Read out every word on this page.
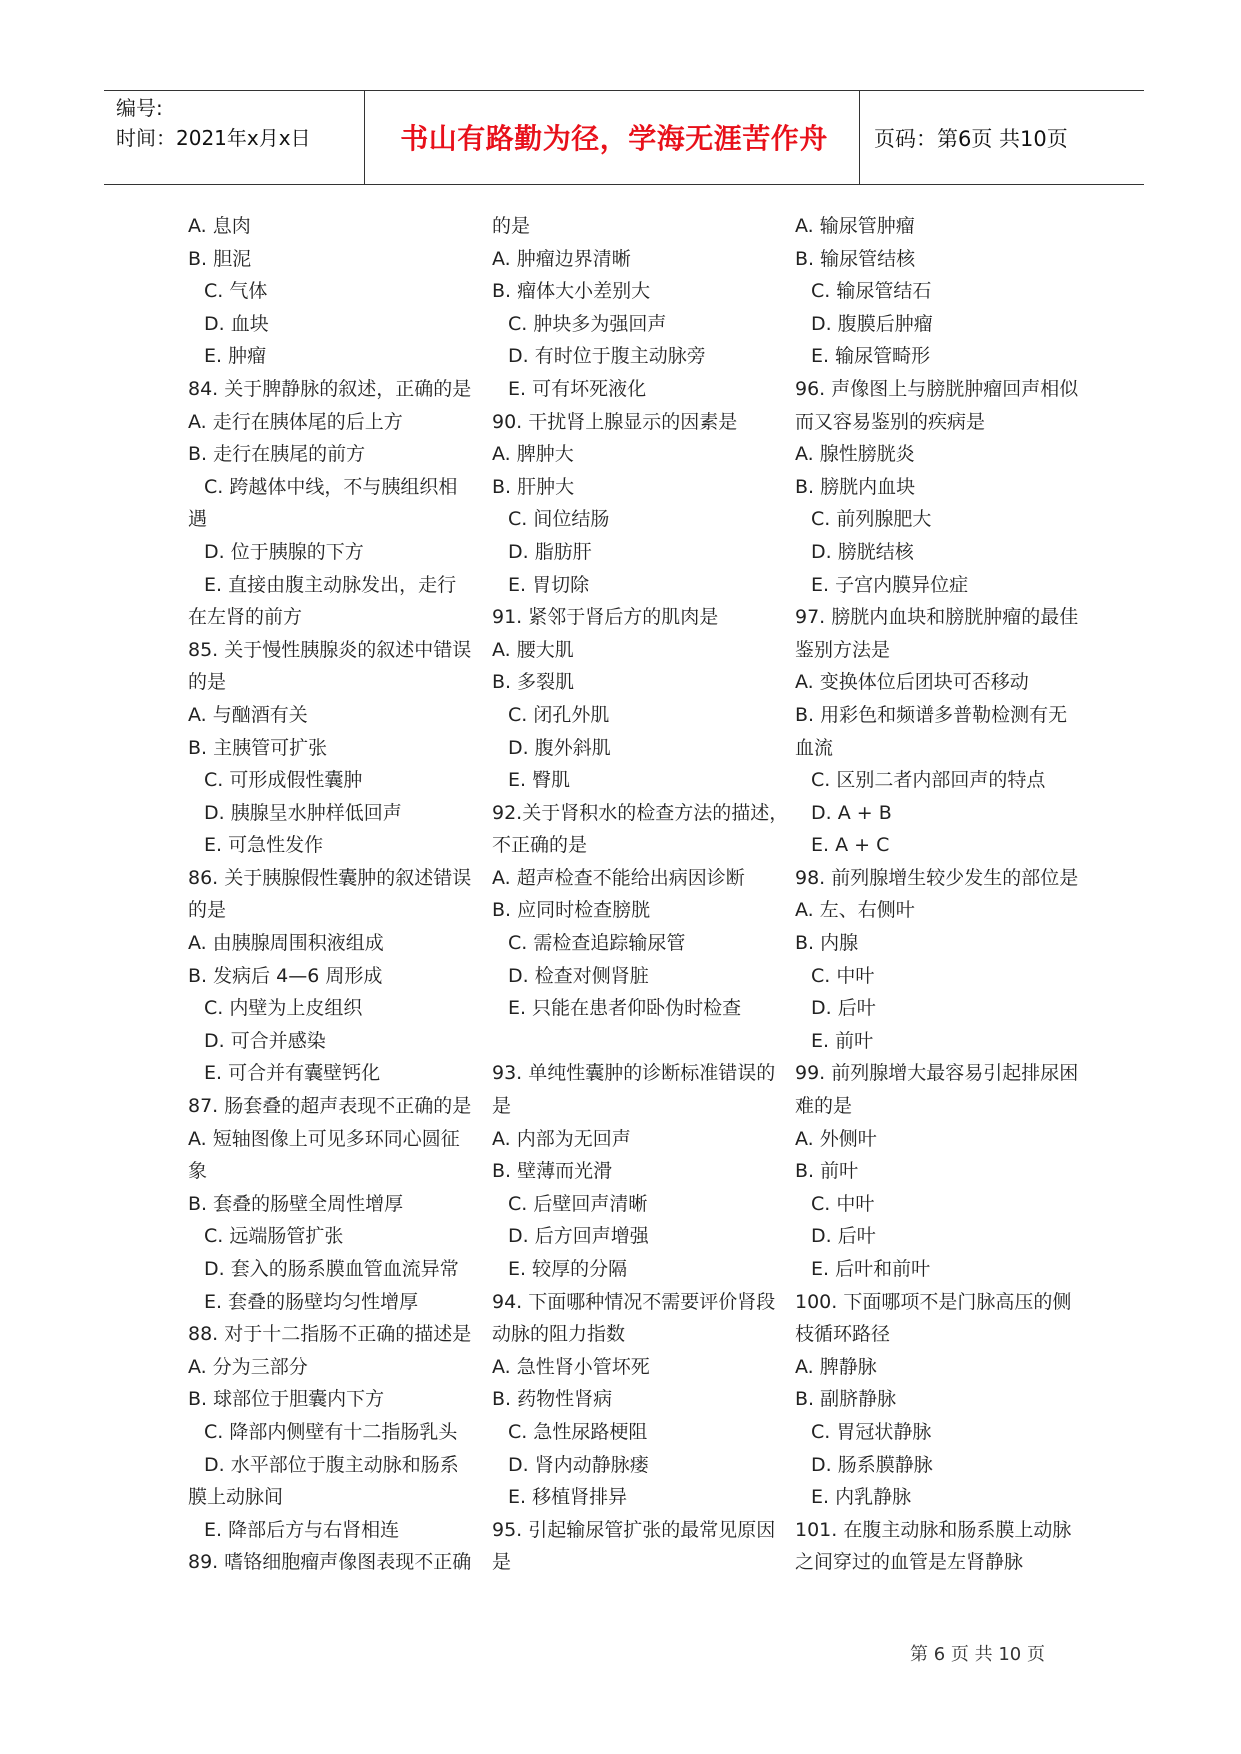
编号:
时间：2021年x月x日	书山有路勤为径，学海无涯苦作舟	页码：第6页 共10页
A. 息肉
B. 胆泥
C. 气体
D. 血块
E. 肿瘤
84. 关于脾静脉的叙述，正确的是
A. 走行在胰体尾的后上方
B. 走行在胰尾的前方
C. 跨越体中线，不与胰组织相
遇
D. 位于胰腺的下方
E. 直接由腹主动脉发出，走行
在左肾的前方
85. 关于慢性胰腺炎的叙述中错误
的是
A. 与酗酒有关
B. 主胰管可扩张
C. 可形成假性囊肿
D. 胰腺呈水肿样低回声
E. 可急性发作
86. 关于胰腺假性囊肿的叙述错误
的是
A. 由胰腺周围积液组成
B. 发病后 4—6 周形成
C. 内壁为上皮组织
D. 可合并感染
E. 可合并有囊壁钙化
87. 肠套叠的超声表现不正确的是
A. 短轴图像上可见多环同心圆征
象
B. 套叠的肠壁全周性增厚
C. 远端肠管扩张
D. 套入的肠系膜血管血流异常
E. 套叠的肠壁均匀性增厚
88. 对于十二指肠不正确的描述是
A. 分为三部分
B. 球部位于胆囊内下方
C. 降部内侧壁有十二指肠乳头
D. 水平部位于腹主动脉和肠系
膜上动脉间
E. 降部后方与右肾相连
89. 嗜铬细胞瘤声像图表现不正确
的是
A. 肿瘤边界清晰
B. 瘤体大小差别大
C. 肿块多为强回声
D. 有时位于腹主动脉旁
E. 可有坏死液化
90. 干扰肾上腺显示的因素是
A. 脾肿大
B. 肝肿大
C. 间位结肠
D. 脂肪肝
E. 胃切除
91. 紧邻于肾后方的肌肉是
A. 腰大肌
B. 多裂肌
C. 闭孔外肌
D. 腹外斜肌
E. 臀肌
92.关于肾积水的检查方法的描述，
不正确的是
A. 超声检查不能给出病因诊断
B. 应同时检查膀胱
C. 需检查追踪输尿管
D. 检查对侧肾脏
E. 只能在患者仰卧伪时检查

93. 单纯性囊肿的诊断标准错误的
是
A. 内部为无回声
B. 壁薄而光滑
C. 后壁回声清晰
D. 后方回声增强
E. 较厚的分隔
94. 下面哪种情况不需要评价肾段
动脉的阻力指数
A. 急性肾小管坏死
B. 药物性肾病
C. 急性尿路梗阻
D. 肾内动静脉瘘
E. 移植肾排异
95. 引起输尿管扩张的最常见原因
是
A. 输尿管肿瘤
B. 输尿管结核
C. 输尿管结石
D. 腹膜后肿瘤
E. 输尿管畸形
96. 声像图上与膀胱肿瘤回声相似
而又容易鉴别的疾病是
A. 腺性膀胱炎
B. 膀胱内血块
C. 前列腺肥大
D. 膀胱结核
E. 子宫内膜异位症
97. 膀胱内血块和膀胱肿瘤的最佳
鉴别方法是
A. 变换体位后团块可否移动
B. 用彩色和频谱多普勒检测有无
血流
C. 区别二者内部回声的特点
D. A + B
E. A + C
98. 前列腺增生较少发生的部位是
A. 左、右侧叶
B. 内腺
C. 中叶
D. 后叶
E. 前叶
99. 前列腺增大最容易引起排尿困
难的是
A. 外侧叶
B. 前叶
C. 中叶
D. 后叶
E. 后叶和前叶
100. 下面哪项不是门脉高压的侧
枝循环路径
A. 脾静脉
B. 副脐静脉
C. 胃冠状静脉
D. 肠系膜静脉
E. 内乳静脉
101. 在腹主动脉和肠系膜上动脉
之间穿过的血管是左肾静脉
第 6 页 共 10 页
